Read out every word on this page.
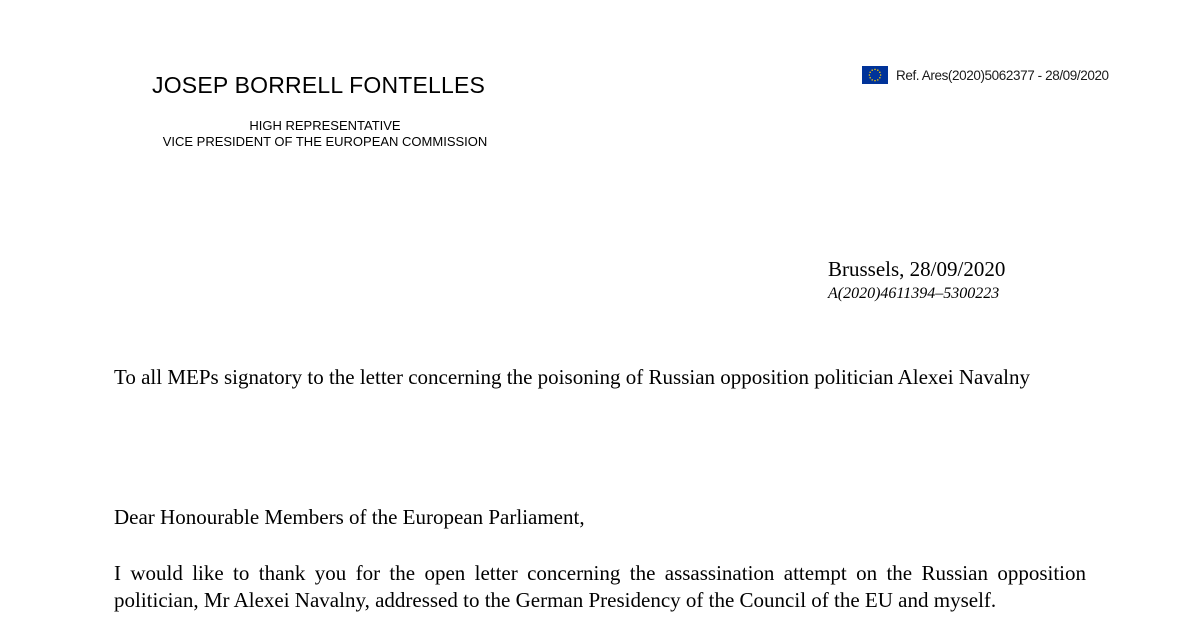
JOSEP BORRELL FONTELLES
HIGH REPRESENTATIVE
VICE PRESIDENT OF THE EUROPEAN COMMISSION
Ref. Ares(2020)5062377 - 28/09/2020
Brussels, 28/09/2020
A(2020)4611394–5300223

To all MEPs signatory to the letter concerning the poisoning of Russian opposition politician Alexei Navalny

Dear Honourable Members of the European Parliament,

I would like to thank you for the open letter concerning the assassination attempt on the Russian opposition politician, Mr Alexei Navalny, addressed to the German Presidency of the Council of the EU and myself.
